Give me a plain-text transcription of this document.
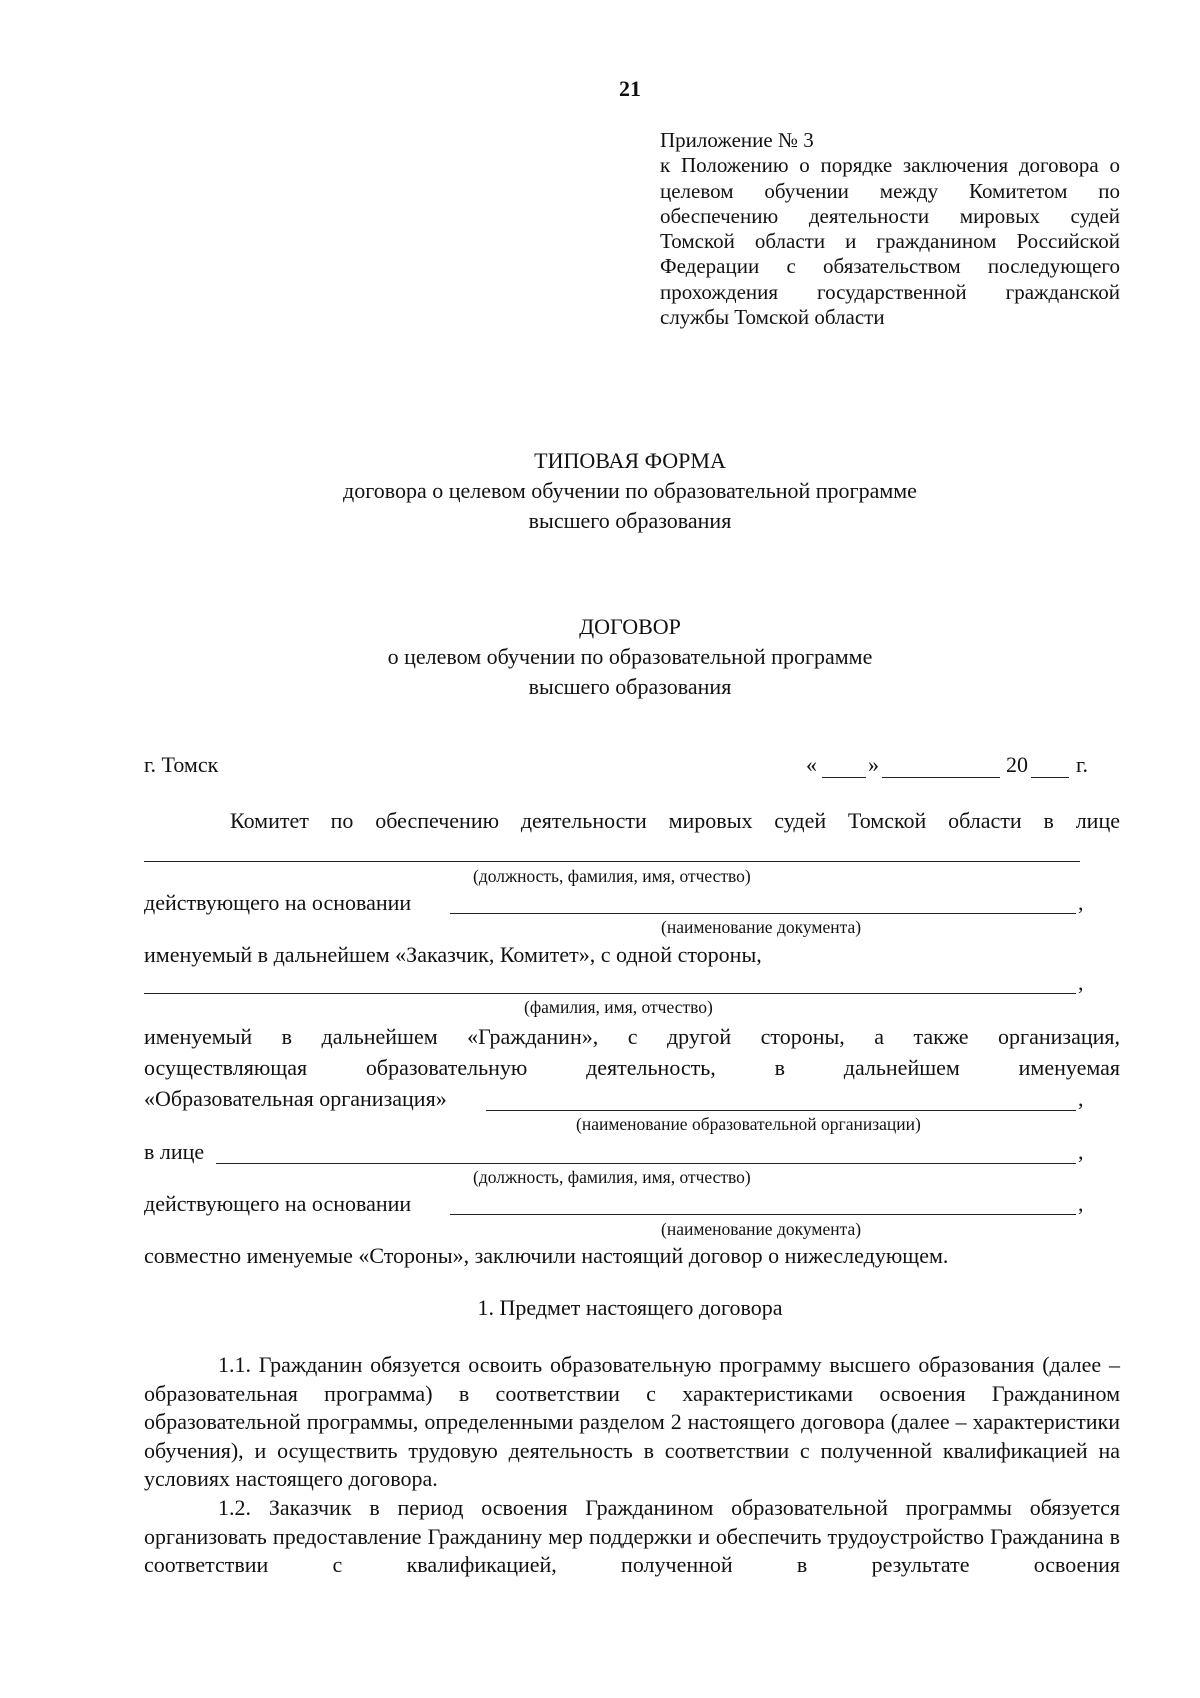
21
Приложение № 3
к Положению о порядке заключения договора о целевом обучении между Комитетом по обеспечению деятельности мировых судей Томской области и гражданином Российской Федерации с обязательством последующего прохождения государственной гражданской службы Томской области
ТИПОВАЯ ФОРМА
договора о целевом обучении по образовательной программе
высшего образования
ДОГОВОР
о целевом обучении по образовательной программе
высшего образования
г. Томск	« »	20 г.
Комитет по обеспечению деятельности мировых судей Томской области в лице
(должность, фамилия, имя, отчество)
действующего на основании	,
(наименование документа)
именуемый в дальнейшем «Заказчик, Комитет», с одной стороны,
,
(фамилия, имя, отчество)
именуемый в дальнейшем «Гражданин», с другой стороны, а также организация,
осуществляющая образовательную деятельность, в дальнейшем именуемая
«Образовательная организация»	,
(наименование образовательной организации)
в лице	,
(должность, фамилия, имя, отчество)
действующего на основании	,
(наименование документа)
совместно именуемые «Стороны», заключили настоящий договор о нижеследующем.
1. Предмет настоящего договора
1.1. Гражданин обязуется освоить образовательную программу высшего образования (далее – образовательная программа) в соответствии с характеристиками освоения Гражданином образовательной программы, определенными разделом 2 настоящего договора (далее – характеристики обучения), и осуществить трудовую деятельность в соответствии с полученной квалификацией на условиях настоящего договора.
1.2. Заказчик в период освоения Гражданином образовательной программы обязуется организовать предоставление Гражданину мер поддержки и обеспечить трудоустройство Гражданина в соответствии с квалификацией, полученной в результате освоения
